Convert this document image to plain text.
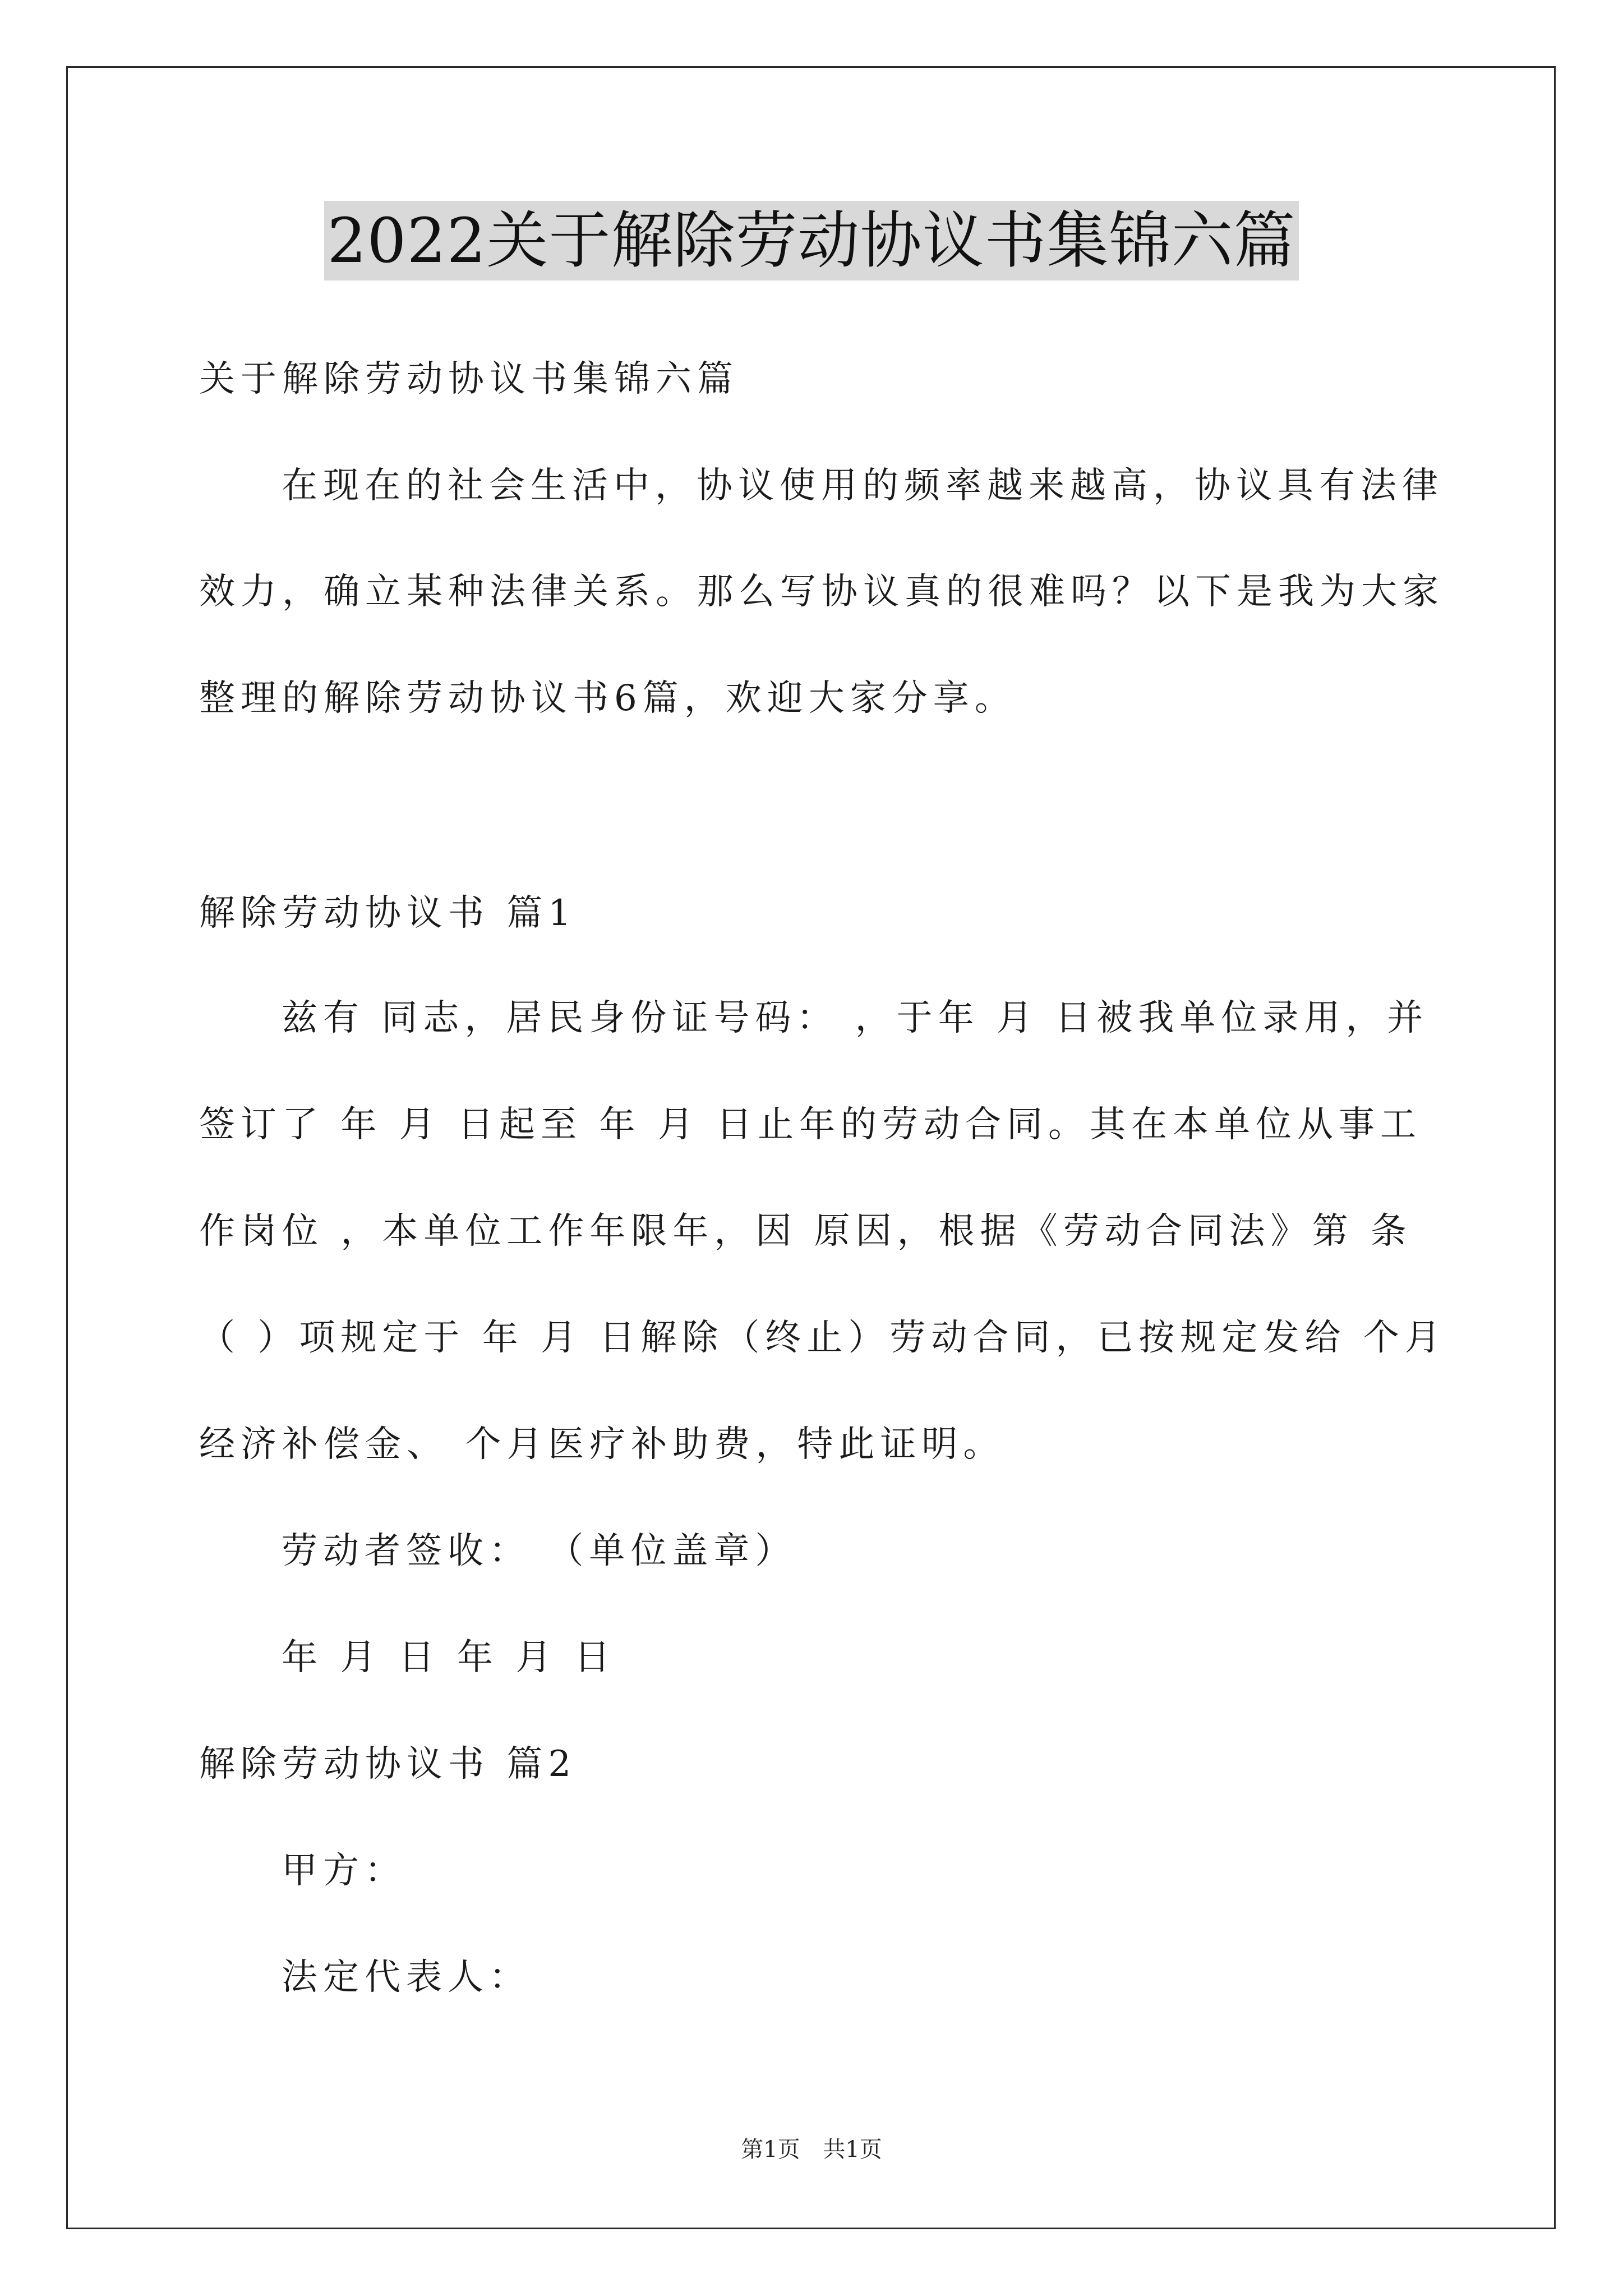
2022关于解除劳动协议书集锦六篇
关于解除劳动协议书集锦六篇
在现在的社会生活中，协议使用的频率越来越高，协议具有法律
效力，确立某种法律关系。那么写协议真的很难吗？以下是我为大家
整理的解除劳动协议书6篇，欢迎大家分享。
解除劳动协议书 篇1
兹有 同志，居民身份证号码： ，于年 月 日被我单位录用，并
签订了 年 月 日起至 年 月 日止年的劳动合同。其在本单位从事工
作岗位 ，本单位工作年限年，因 原因，根据《劳动合同法》第 条
（ ）项规定于 年 月 日解除（终止）劳动合同，已按规定发给 个月
经济补偿金、 个月医疗补助费，特此证明。
劳动者签收： （单位盖章）
年 月 日 年 月 日
解除劳动协议书 篇2
甲方：
法定代表人：
第1页 共1页
